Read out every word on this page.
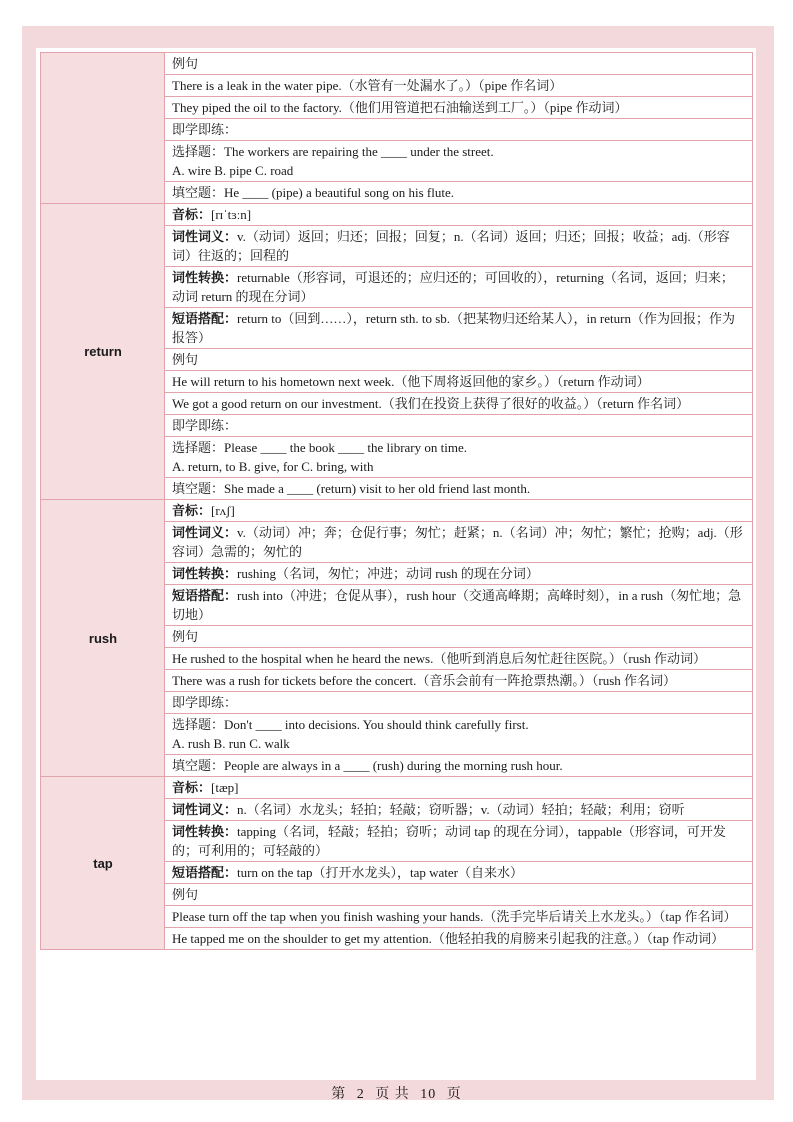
	例句
	There is a leak in the water pipe.（水管有一处漏水了。）（pipe 作名词）
	They piped the oil to the factory.（他们用管道把石油输送到工厂。）（pipe 作动词）
	即学即练：
	选择题：The workers are repairing the ____ under the street.
A. wire B. pipe C. road
	填空题：He ____ (pipe) a beautiful song on his flute.
return	音标：[rɪˈtɜːn]
	词性词义：v.（动词）返回；归还；回报；回复；n.（名词）返回；归还；回报；收益；adj.（形容词）往返的；回程的
	词性转换：returnable（形容词，可退还的；应归还的；可回收的），returning（名词，返回；归来；动词 return 的现在分词）
	短语搭配：return to（回到……），return sth. to sb.（把某物归还给某人），in return（作为回报；作为报答）
	例句
	He will return to his hometown next week.（他下周将返回他的家乡。）（return 作动词）
	We got a good return on our investment.（我们在投资上获得了很好的收益。）（return 作名词）
	即学即练：
	选择题：Please ____ the book ____ the library on time.
A. return, to B. give, for C. bring, with
	填空题：She made a ____ (return) visit to her old friend last month.
rush	音标：[rʌʃ]
	词性词义：v.（动词）冲；奔；仓促行事；匆忙；赶紧；n.（名词）冲；匆忙；繁忙；抢购；adj.（形容词）急需的；匆忙的
	词性转换：rushing（名词，匆忙；冲进；动词 rush 的现在分词）
	短语搭配：rush into（冲进；仓促从事），rush hour（交通高峰期；高峰时刻），in a rush（匆忙地；急切地）
	例句
	He rushed to the hospital when he heard the news.（他听到消息后匆忙赶往医院。）（rush 作动词）
	There was a rush for tickets before the concert.（音乐会前有一阵抢票热潮。）（rush 作名词）
	即学即练：
	选择题：Don't ____ into decisions. You should think carefully first.
A. rush B. run C. walk
	填空题：People are always in a ____ (rush) during the morning rush hour.
tap	音标：[tæp]
	词性词义：n.（名词）水龙头；轻拍；轻敲；窃听器；v.（动词）轻拍；轻敲；利用；窃听
	词性转换：tapping（名词，轻敲；轻拍；窃听；动词 tap 的现在分词），tappable（形容词，可开发的；可利用的；可轻敲的）
	短语搭配：turn on the tap（打开水龙头），tap water（自来水）
	例句
	Please turn off the tap when you finish washing your hands.（洗手完毕后请关上水龙头。）（tap 作名词）
	He tapped me on the shoulder to get my attention.（他轻拍我的肩膀来引起我的注意。）（tap 作动词）
第 2 页 共 10 页
